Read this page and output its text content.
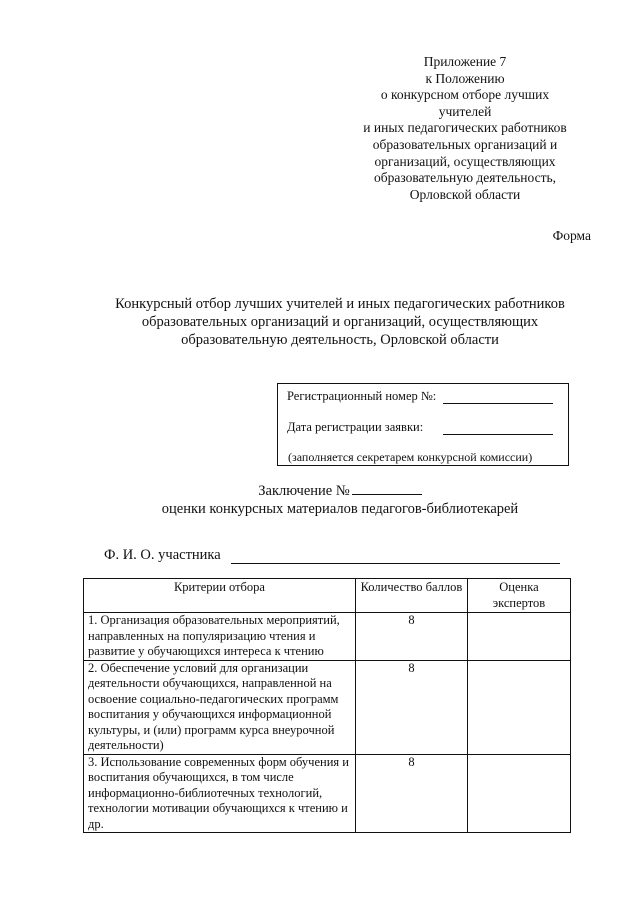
Приложение 7
к Положению
о конкурсном отборе лучших
учителей
и иных педагогических работников
образовательных организаций и
организаций, осуществляющих
образовательную деятельность,
Орловской области
Форма
Конкурсный отбор лучших учителей и иных педагогических работников
образовательных организаций и организаций, осуществляющих
образовательную деятельность, Орловской области
Регистрационный номер №:
Дата регистрации заявки:
(заполняется секретарем конкурсной комиссии)
Заключение №
оценки конкурсных материалов педагогов-библиотекарей
Ф. И. О. участника
Критерии отбора	Количество баллов	Оценка экспертов
1. Организация образовательных мероприятий, направленных на популяризацию чтения и развитие у обучающихся интереса к чтению	8	
2. Обеспечение условий для организации деятельности обучающихся, направленной на освоение социально-педагогических программ воспитания у обучающихся информационной культуры, и (или) программ курса внеурочной деятельности)	8	
3. Использование современных форм обучения и воспитания обучающихся, в том числе информационно-библиотечных технологий, технологии мотивации обучающихся к чтению и др.	8	
